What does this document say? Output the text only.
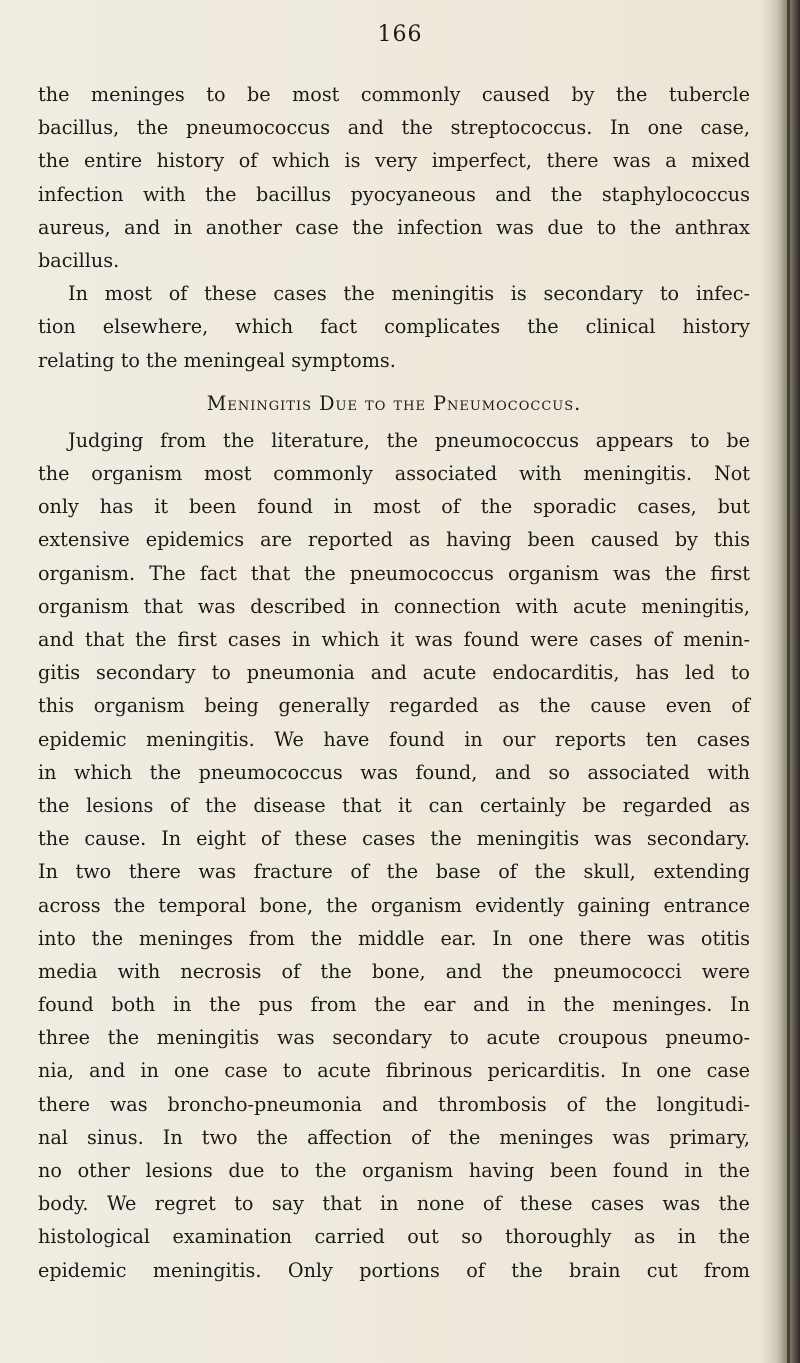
166
the meninges to be most commonly caused by the tubercle
bacillus, the pneumococcus and the streptococcus. In one case,
the entire history of which is very imperfect, there was a mixed
infection with the bacillus pyocyaneous and the staphylococcus
aureus, and in another case the infection was due to the anthrax
bacillus.
In most of these cases the meningitis is secondary to infec-
tion elsewhere, which fact complicates the clinical history
relating to the meningeal symptoms.
Meningitis Due to the Pneumococcus.
Judging from the literature, the pneumococcus appears to be
the organism most commonly associated with meningitis. Not
only has it been found in most of the sporadic cases, but
extensive epidemics are reported as having been caused by this
organism. The fact that the pneumococcus organism was the first
organism that was described in connection with acute meningitis,
and that the first cases in which it was found were cases of menin-
gitis secondary to pneumonia and acute endocarditis, has led to
this organism being generally regarded as the cause even of
epidemic meningitis. We have found in our reports ten cases
in which the pneumococcus was found, and so associated with
the lesions of the disease that it can certainly be regarded as
the cause. In eight of these cases the meningitis was secondary.
In two there was fracture of the base of the skull, extending
across the temporal bone, the organism evidently gaining entrance
into the meninges from the middle ear. In one there was otitis
media with necrosis of the bone, and the pneumococci were
found both in the pus from the ear and in the meninges. In
three the meningitis was secondary to acute croupous pneumo-
nia, and in one case to acute fibrinous pericarditis. In one case
there was broncho-pneumonia and thrombosis of the longitudi-
nal sinus. In two the affection of the meninges was primary,
no other lesions due to the organism having been found in the
body. We regret to say that in none of these cases was the
histological examination carried out so thoroughly as in the
epidemic meningitis. Only portions of the brain cut from
